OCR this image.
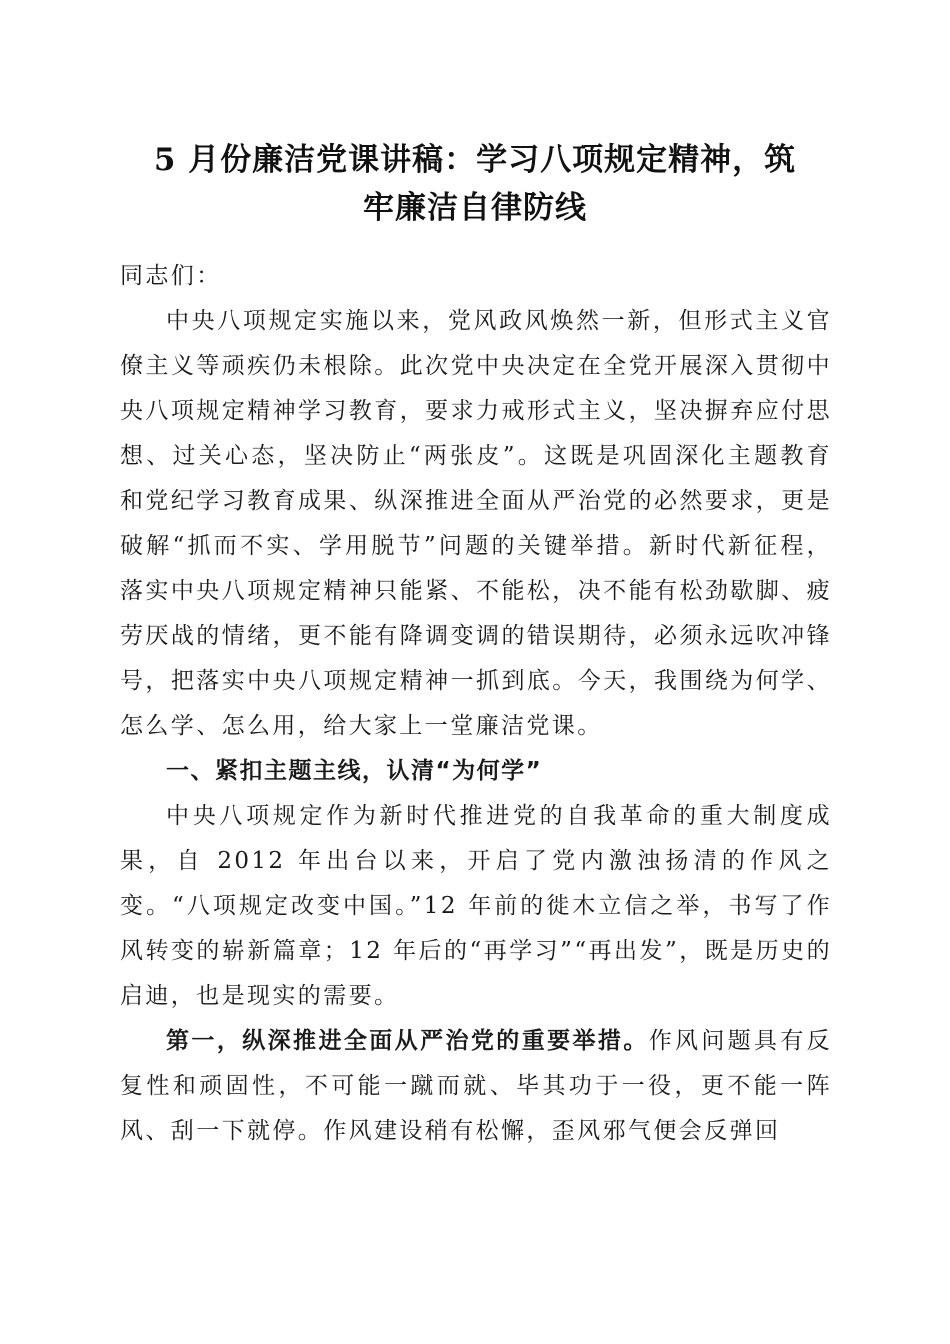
5 月份廉洁党课讲稿：学习八项规定精神，筑
牢廉洁自律防线

同志们：

中央八项规定实施以来，党风政风焕然一新，但形式主义官僚主义等顽疾仍未根除。此次党中央决定在全党开展深入贯彻中央八项规定精神学习教育，要求力戒形式主义，坚决摒弃应付思想、过关心态，坚决防止“两张皮”。这既是巩固深化主题教育和党纪学习教育成果、纵深推进全面从严治党的必然要求，更是破解“抓而不实、学用脱节”问题的关键举措。新时代新征程，落实中央八项规定精神只能紧、不能松，决不能有松劲歇脚、疲劳厌战的情绪，更不能有降调变调的错误期待，必须永远吹冲锋号，把落实中央八项规定精神一抓到底。今天，我围绕为何学、怎么学、怎么用，给大家上一堂廉洁党课。

一、紧扣主题主线，认清“为何学”

中央八项规定作为新时代推进党的自我革命的重大制度成果，自 2012 年出台以来，开启了党内激浊扬清的作风之变。“八项规定改变中国。”12 年前的徙木立信之举，书写了作风转变的崭新篇章；12 年后的“再学习”“再出发”，既是历史的启迪，也是现实的需要。

第一，纵深推进全面从严治党的重要举措。作风问题具有反复性和顽固性，不可能一蹴而就、毕其功于一役，更不能一阵风、刮一下就停。作风建设稍有松懈，歪风邪气便会反弹回
